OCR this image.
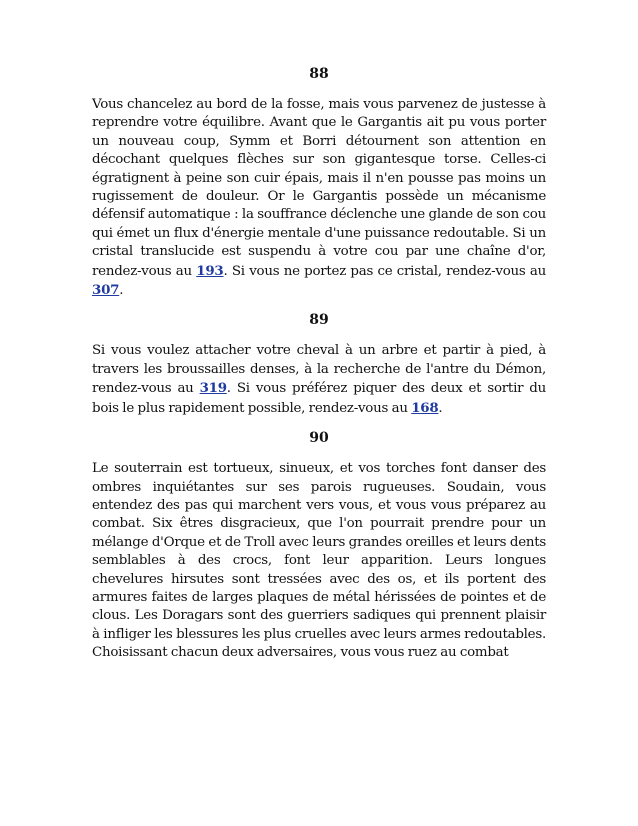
88

Vous chancelez au bord de la fosse, mais vous parvenez de justesse à reprendre votre équilibre. Avant que le Gargantis ait pu vous porter un nouveau coup, Symm et Borri détournent son attention en décochant quelques flèches sur son gigantesque torse. Celles-ci égratignent à peine son cuir épais, mais il n'en pousse pas moins un rugissement de douleur. Or le Gargantis possède un mécanisme défensif automatique : la souffrance déclenche une glande de son cou qui émet un flux d'énergie mentale d'une puissance redoutable. Si un cristal translucide est suspendu à votre cou par une chaîne d'or, rendez-vous au 193. Si vous ne portez pas ce cristal, rendez-vous au 307.

89

Si vous voulez attacher votre cheval à un arbre et partir à pied, à travers les broussailles denses, à la recherche de l'antre du Démon, rendez-vous au 319. Si vous préférez piquer des deux et sortir du bois le plus rapidement possible, rendez-vous au 168.

90

Le souterrain est tortueux, sinueux, et vos torches font danser des ombres inquiétantes sur ses parois rugueuses. Soudain, vous entendez des pas qui marchent vers vous, et vous vous préparez au combat. Six êtres disgracieux, que l'on pourrait prendre pour un mélange d'Orque et de Troll avec leurs grandes oreilles et leurs dents semblables à des crocs, font leur apparition. Leurs longues chevelures hirsutes sont tressées avec des os, et ils portent des armures faites de larges plaques de métal hérissées de pointes et de clous. Les Doragars sont des guerriers sadiques qui prennent plaisir à infliger les blessures les plus cruelles avec leurs armes redoutables. Choisissant chacun deux adversaires, vous vous ruez au combat
